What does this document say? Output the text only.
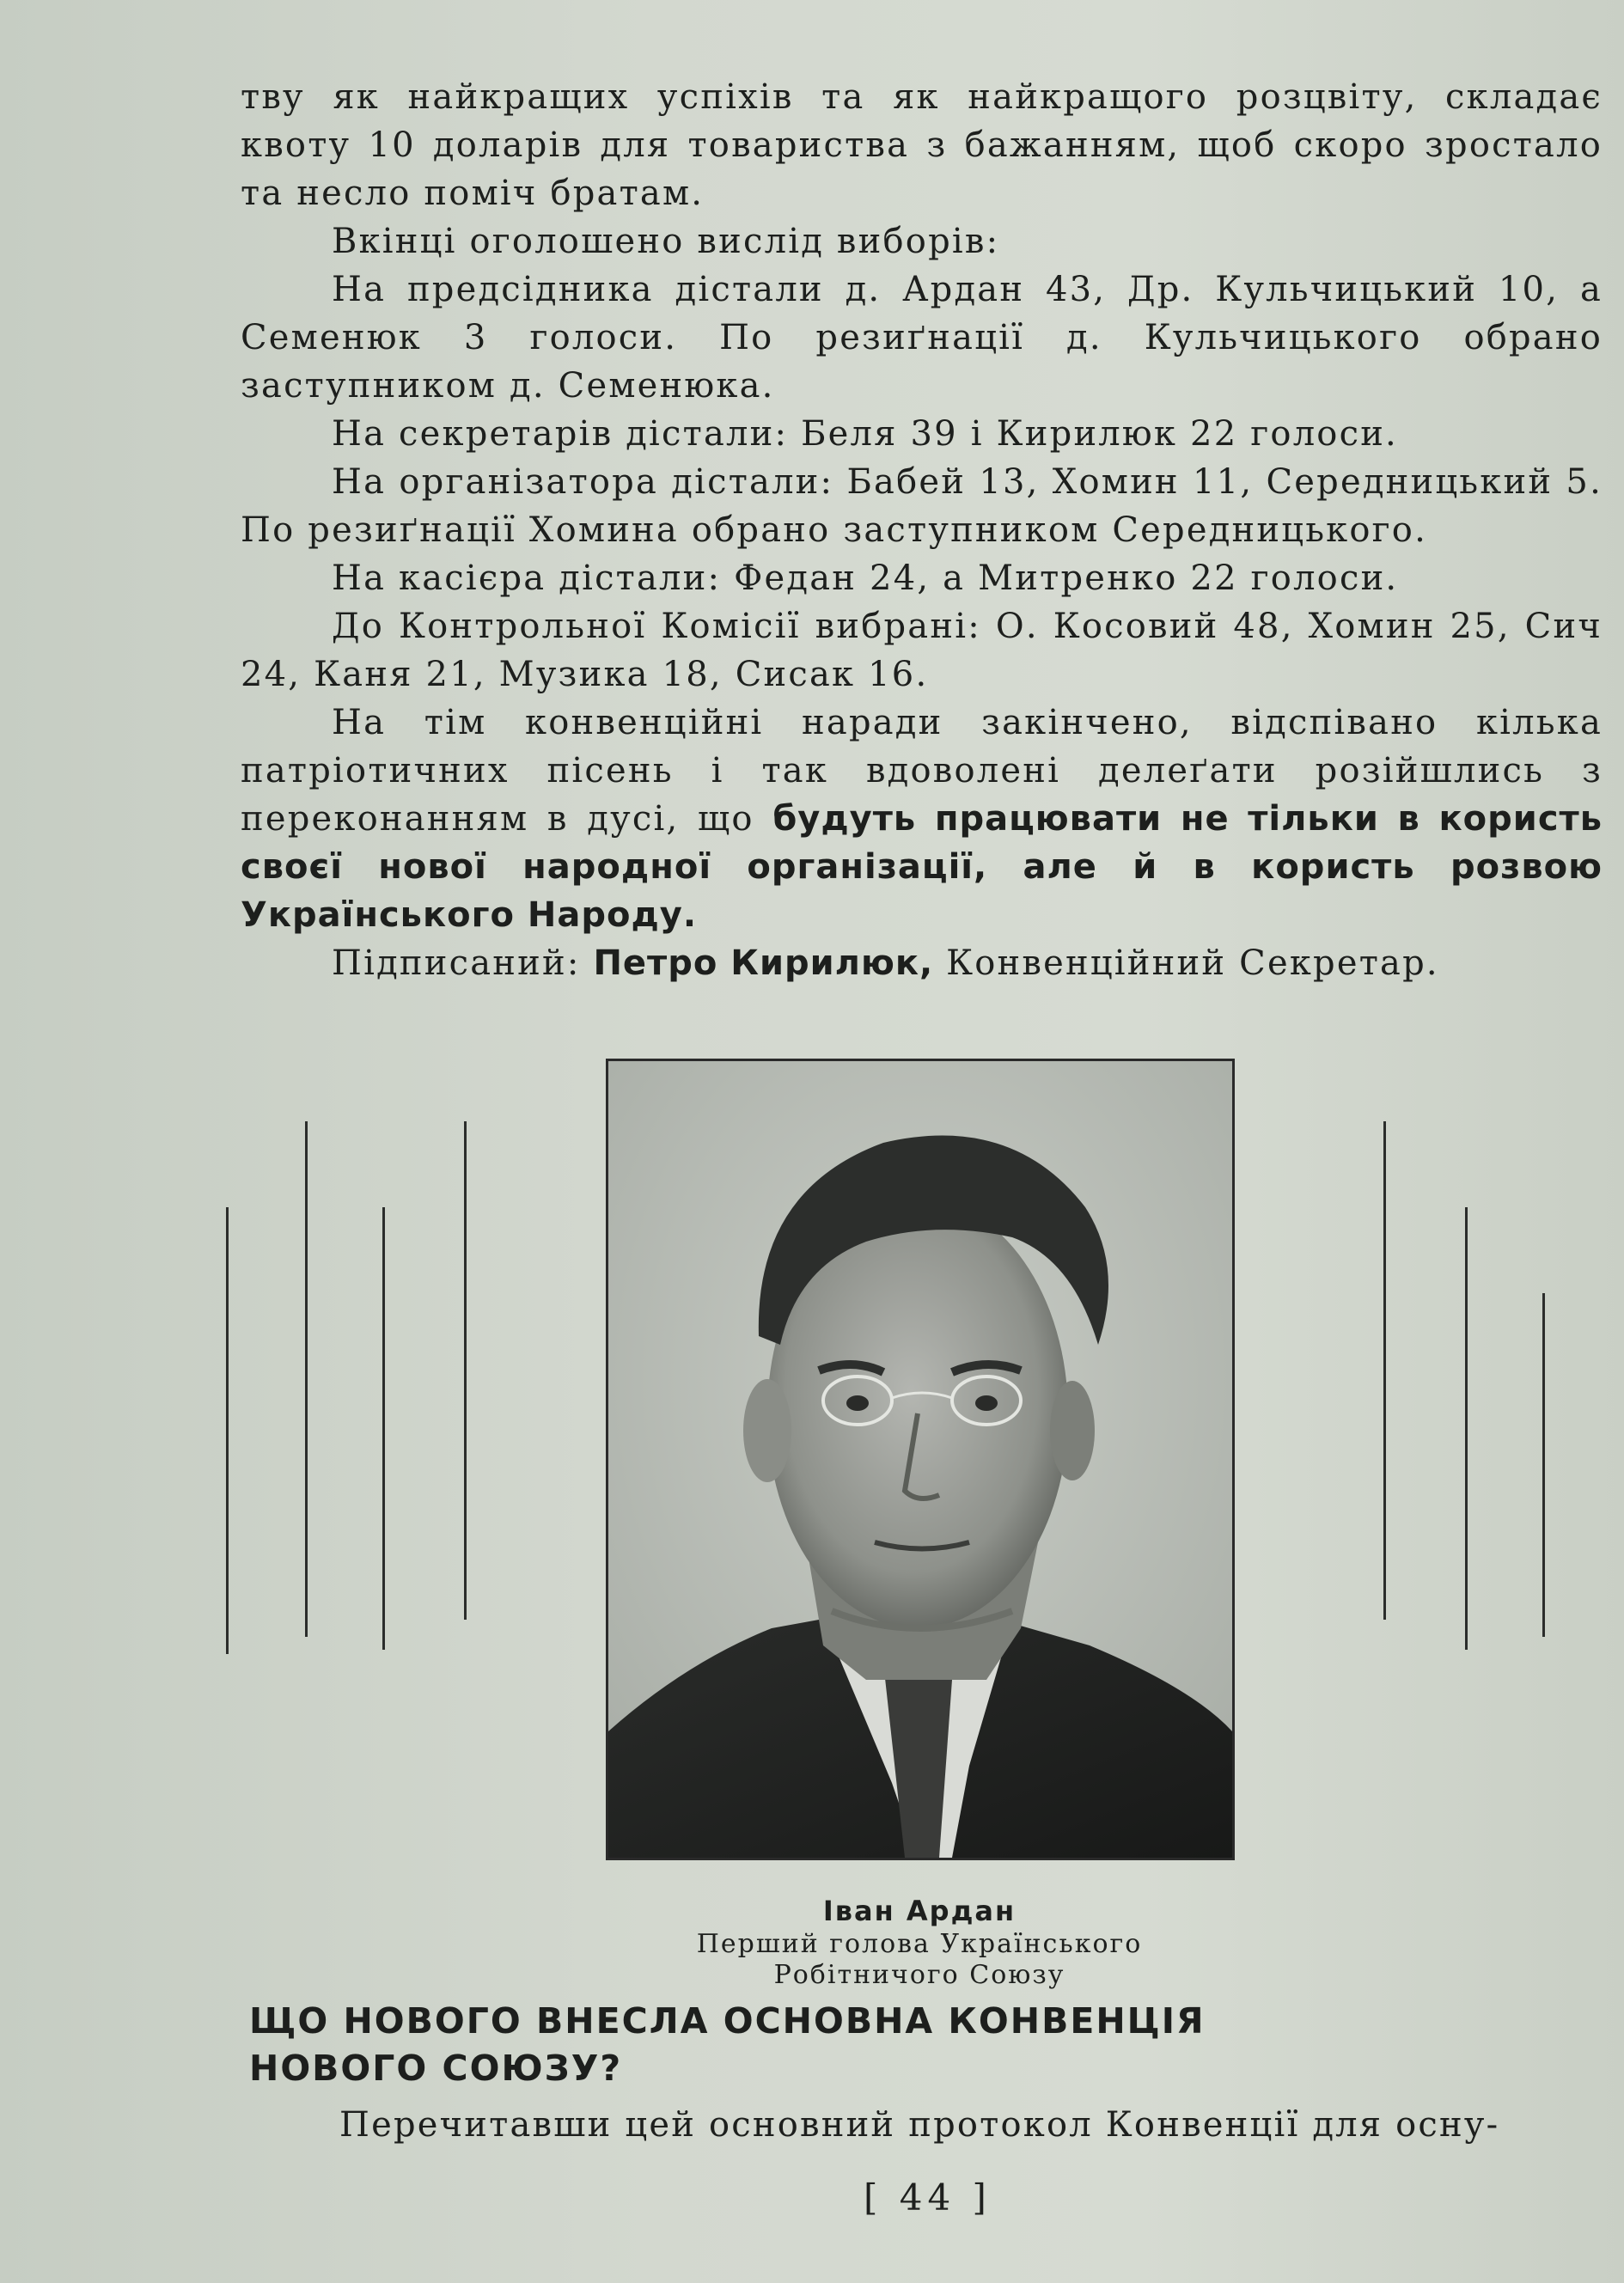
тву як найкращих успіхів та як найкращого розцвіту, складає квоту 10 доларів для товариства з бажанням, щоб скоро зростало та несло поміч братам.

Вкінці оголошено вислід виборів:

На предсідника дістали д. Ардан 43, Др. Кульчицький 10, а Семенюк 3 голоси. По резиґнації д. Кульчицького обрано заступником д. Семенюка.

На секретарів дістали: Беля 39 і Кирилюк 22 голоси.

На організатора дістали: Бабей 13, Хомин 11, Середницький 5. По резиґнації Хомина обрано заступником Середницького.

На касієра дістали: Федан 24, а Митренко 22 голоси.

До Контрольної Комісії вибрані: О. Косовий 48, Хомин 25, Сич 24, Каня 21, Музика 18, Сисак 16.

На тім конвенційні наради закінчено, відспівано кілька патріотичних пісень і так вдоволені делеґати розійшлись з переконанням в дусі, що будуть працювати не тільки в користь своєї нової народної організації, але й в користь розвою Українського Народу.

Підписаний: Петро Кирилюк, Конвенційний Секретар.

Іван Ардан
Перший голова Українського
Робітничого Союзу
ЩО НОВОГО ВНЕСЛА ОСНОВНА КОНВЕНЦІЯ
НОВОГО СОЮЗУ?
Перечитавши цей основний протокол Конвенції для осну-
[ 44 ]
